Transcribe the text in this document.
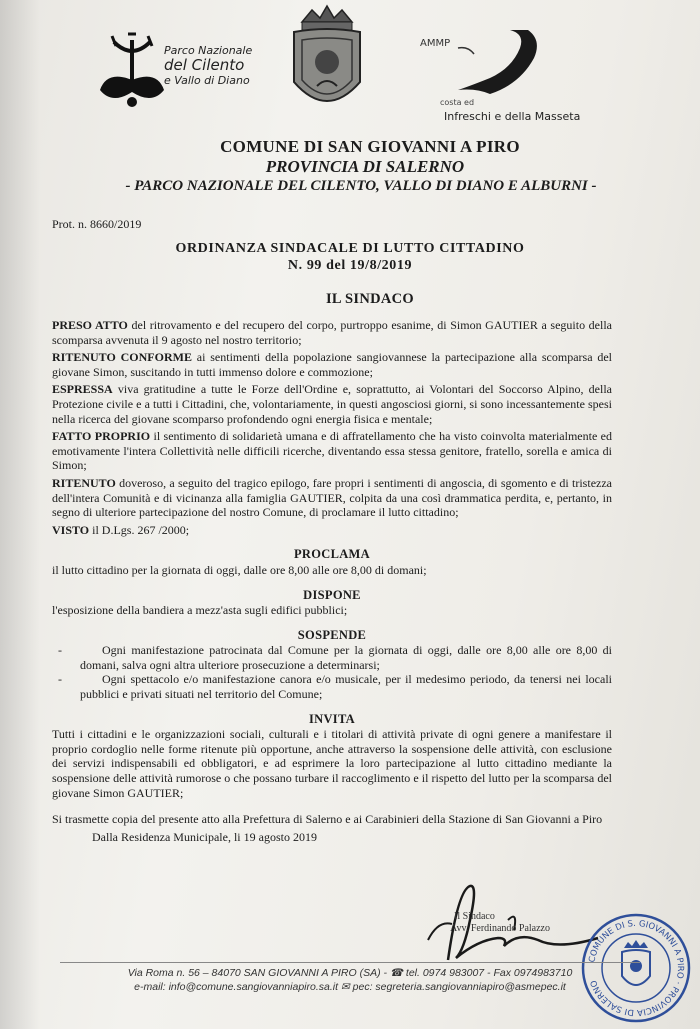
Parco Nazionale
del Cilento
e Vallo di Diano
AMMP
costa ed
Infreschi e della Masseta
COMUNE DI SAN GIOVANNI A PIRO
PROVINCIA DI SALERNO
- PARCO NAZIONALE DEL CILENTO, VALLO DI DIANO E ALBURNI -
Prot. n. 8660/2019
ORDINANZA SINDACALE DI LUTTO CITTADINO
N. 99 del 19/8/2019
IL SINDACO

PRESO ATTO del ritrovamento e del recupero del corpo, purtroppo esanime, di Simon GAUTIER a seguito della scomparsa avvenuta il 9 agosto nel nostro territorio;

RITENUTO CONFORME ai sentimenti della popolazione sangiovannese la partecipazione alla scomparsa del giovane Simon, suscitando in tutti immenso dolore e commozione;

ESPRESSA viva gratitudine a tutte le Forze dell'Ordine e, soprattutto, ai Volontari del Soccorso Alpino, della Protezione civile e a tutti i Cittadini, che, volontariamente, in questi angosciosi giorni, si sono incessantemente spesi nella ricerca del giovane scomparso profondendo ogni energia fisica e mentale;

FATTO PROPRIO il sentimento di solidarietà umana e di affratellamento che ha visto coinvolta materialmente ed emotivamente l'intera Collettività nelle difficili ricerche, diventando essa stessa genitore, fratello, sorella e amica di Simon;

RITENUTO doveroso, a seguito del tragico epilogo, fare propri i sentimenti di angoscia, di sgomento e di tristezza dell'intera Comunità e di vicinanza alla famiglia GAUTIER, colpita da una così drammatica perdita, e, pertanto, in segno di ulteriore partecipazione del nostro Comune, di proclamare il lutto cittadino;

VISTO il D.Lgs. 267 /2000;

PROCLAMA

il lutto cittadino per la giornata di oggi, dalle ore 8,00 alle ore 8,00 di domani;

DISPONE

l'esposizione della bandiera a mezz'asta sugli edifici pubblici;

SOSPENDE
-	Ogni manifestazione patrocinata dal Comune per la giornata di oggi, dalle ore 8,00 alle ore 8,00 di domani, salva ogni altra ulteriore prosecuzione a determinarsi;
-	Ogni spettacolo e/o manifestazione canora e/o musicale, per il medesimo periodo, da tenersi nei locali pubblici e privati situati nel territorio del Comune;
INVITA

Tutti i cittadini e le organizzazioni sociali, culturali e i titolari di attività private di ogni genere a manifestare il proprio cordoglio nelle forme ritenute più opportune, anche attraverso la sospensione delle attività, con esclusione dei servizi indispensabili ed obbligatori, e ad esprimere la loro partecipazione al lutto cittadino mediante la sospensione delle attività rumorose o che possano turbare il raccoglimento e il rispetto del lutto per la scomparsa del giovane Simon GAUTIER;

Si trasmette copia del presente atto alla Prefettura di Salerno e ai Carabinieri della Stazione di San Giovanni a Piro

Dalla Residenza Municipale, li 19 agosto 2019

Il Sindaco
Avv. Ferdinando Palazzo
COMUNE DI S. GIOVANNI A PIRO · PROVINCIA DI SALERNO
Via Roma n. 56 – 84070 SAN GIOVANNI A PIRO (SA) - ☎ tel. 0974 983007 - Fax 0974983710
e-mail: info@comune.sangiovanniapiro.sa.it ✉ pec: segreteria.sangiovanniapiro@asmepec.it
